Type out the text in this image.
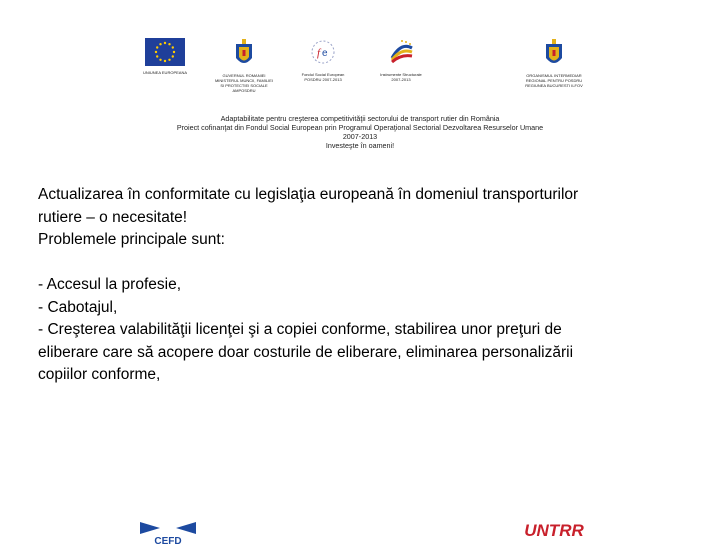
UNIUNEA EUROPEANA
GUVERNUL ROMANIEI
MINISTERUL MUNCII, FAMILIEI
SI PROTECTIEI SOCIALE
AMPOSDRU
f e
Fondul Social European
POSDRU 2007-2013
Instrumente Structurale
2007-2013
ORGANISMUL INTERMEDIAR
REGIONAL PENTRU POSDRU
REGIUNEA BUCURESTI ILFOV
Adaptabilitate pentru creşterea competitivităţii sectorului de transport rutier din România
Proiect cofinanţat din Fondul Social European prin Programul Operaţional Sectorial Dezvoltarea Resurselor Umane
2007-2013
Investeşte în oameni!

Actualizarea în conformitate cu legislaţia europeană în domeniul transporturilor

rutiere – o necesitate!

Problemele principale sunt:

- Accesul la profesie,

- Cabotajul,

- Creşterea valabilităţii licenţei şi a copiei conforme, stabilirea unor preţuri de

eliberare care să acopere doar costurile de eliberare, eliminarea personalizării

copiilor conforme,

CEFD
UNTRR
